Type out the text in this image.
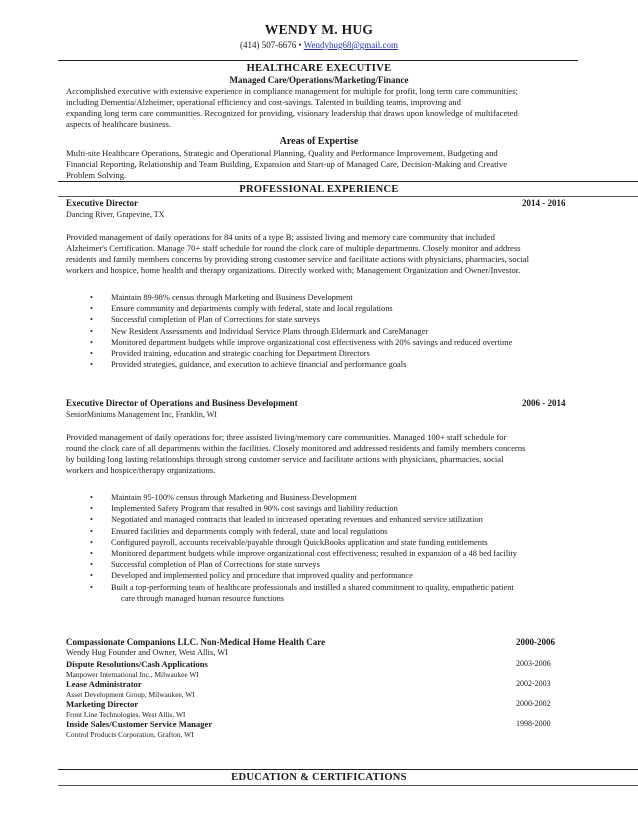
WENDY M. HUG
(414) 507-6676 • Wendyhug68@gmail.com
HEALTHCARE EXECUTIVE
Managed Care/Operations/Marketing/Finance
Accomplished executive with extensive experience in compliance management for multiple for profit, long term care communities;
including Dementia/Alzheimer, operational efficiency and cost-savings. Talented in building teams, improving and
expanding long term care communities. Recognized for providing, visionary leadership that draws upon knowledge of multifaceted
aspects of healthcare business.
Areas of Expertise
Multi-site Healthcare Operations, Strategic and Operational Planning, Quality and Performance Improvement, Budgeting and
Financial Reporting, Relationship and Team Building, Expansion and Start-up of Managed Care, Decision-Making and Creative
Problem Solving.
PROFESSIONAL EXPERIENCE
Executive Director	2014 - 2016
Dancing River, Grapevine, TX
Provided management of daily operations for 84 units of a type B; assisted living and memory care community that included
Alzheimer's Certification. Manage 70+ staff schedule for round the clock care of multiple departments. Closely monitor and address
residents and family members concerns by providing strong customer service and facilitate actions with physicians, pharmacies, social
workers and hospice, home health and therapy organizations. Directly worked with; Management Organization and Owner/Investor.
• Maintain 89-98% census through Marketing and Business Development
• Ensure community and departments comply with federal, state and local regulations
• Successful completion of Plan of Corrections for state surveys
• New Resident Assessments and Individual Service Plans through Eldermark and CareManager
• Monitored department budgets while improve organizational cost effectiveness with 20% savings and reduced overtime
• Provided training, education and strategic coaching for Department Directors
• Provided strategies, guidance, and execution to achieve financial and performance goals
Executive Director of Operations and Business Development	2006 - 2014
SeniorMiniums Management Inc, Franklin, WI
Provided management of daily operations for; three assisted living/memory care communities. Managed 100+ staff schedule for
round the clock care of all departments within the facilities. Closely monitored and addressed residents and family members concerns
by building long lasting relationships through strong customer service and facilitate actions with physicians, pharmacies, social
workers and hospice/therapy organizations.
• Maintain 95-100% census through Marketing and Business Development
• Implemented Safety Program that resulted in 90% cost savings and liability reduction
• Negotiated and managed contracts that leaded to increased operating revenues and enhanced service utilization
• Ensured facilities and departments comply with federal, state and local regulations
• Configured payroll, accounts receivable/payable through QuickBooks application and state funding entitlements
• Monitored department budgets while improve organizational cost effectiveness; resulted in expansion of a 48 bed facility
• Successful completion of Plan of Corrections for state surveys
• Developed and implemented policy and procedure that improved quality and performance
• Built a top-performing team of healthcare professionals and instilled a shared commitment to quality, empathetic patient
care through managed human resource functions
Compassionate Companions LLC. Non-Medical Home Health Care	2000-2006
Wendy Hug Founder and Owner, West Allis, WI
Dispute Resolutions/Cash Applications	2003-2006
Manpower International Inc., Milwaukee WI
Lease Administrator	2002-2003
Asset Development Group, Milwaukee, WI
Marketing Director	2000-2002
Front Line Technologies, West Allis, WI
Inside Sales/Customer Service Manager	1998-2000
Control Products Corporation, Grafton, WI
EDUCATION & CERTIFICATIONS
